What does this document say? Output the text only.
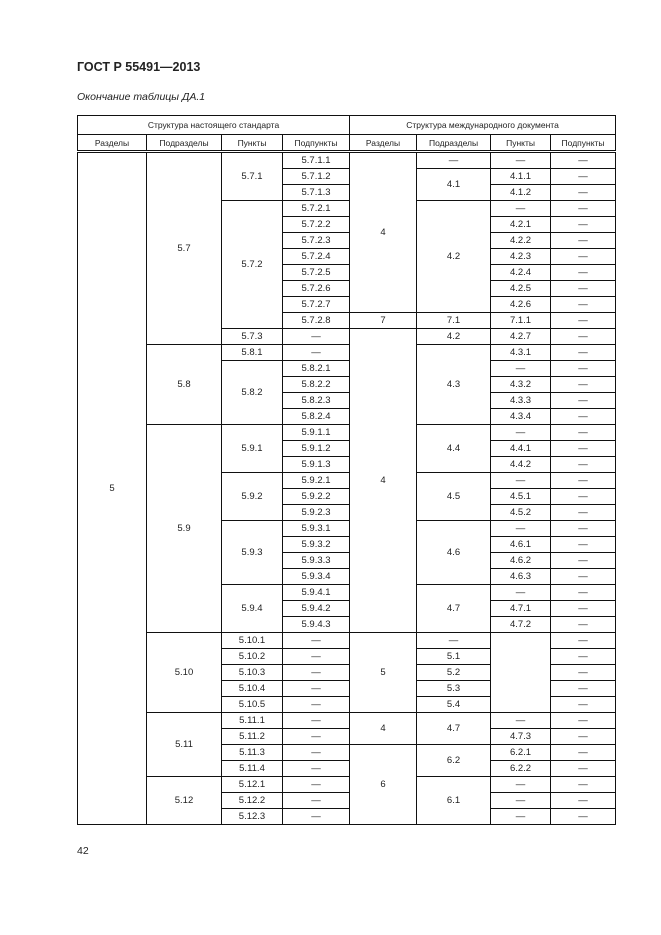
ГОСТ Р 55491—2013
Окончание таблицы ДА.1
Структура настоящего стандарта				Структура международного документа			
Разделы	Подразделы	Пункты	Подпункты	Разделы	Подразделы	Пункты	Подпункты
5	5.7	5.7.1	5.7.1.1	4	—	—	—
			5.7.1.2		4.1	4.1.1	—
			5.7.1.3			4.1.2	—
		5.7.2	5.7.2.1		4.2	—	—
			5.7.2.2			4.2.1	—
			5.7.2.3			4.2.2	—
			5.7.2.4			4.2.3	—
			5.7.2.5			4.2.4	—
			5.7.2.6			4.2.5	—
			5.7.2.7			4.2.6	—
			5.7.2.8	7	7.1	7.1.1	—
		5.7.3	—	4	4.2	4.2.7	—
	5.8	5.8.1	—		4.3	4.3.1	—
		5.8.2	5.8.2.1			—	—
			5.8.2.2			4.3.2	—
			5.8.2.3			4.3.3	—
			5.8.2.4			4.3.4	—
	5.9	5.9.1	5.9.1.1		4.4	—	—
			5.9.1.2			4.4.1	—
			5.9.1.3			4.4.2	—
		5.9.2	5.9.2.1		4.5	—	—
			5.9.2.2			4.5.1	—
			5.9.2.3			4.5.2	—
		5.9.3	5.9.3.1		4.6	—	—
			5.9.3.2			4.6.1	—
			5.9.3.3			4.6.2	—
			5.9.3.4			4.6.3	—
		5.9.4	5.9.4.1		4.7	—	—
			5.9.4.2			4.7.1	—
			5.9.4.3			4.7.2	—
	5.10	5.10.1	—	5	—		—
		5.10.2	—		5.1		—
		5.10.3	—		5.2		—
		5.10.4	—		5.3		—
		5.10.5	—		5.4		—
	5.11	5.11.1	—	4	4.7	—	—
		5.11.2	—			4.7.3	—
		5.11.3	—	6	6.2	6.2.1	—
		5.11.4	—			6.2.2	—
	5.12	5.12.1	—		6.1	—	—
		5.12.2	—			—	—
		5.12.3	—			—	—
42
